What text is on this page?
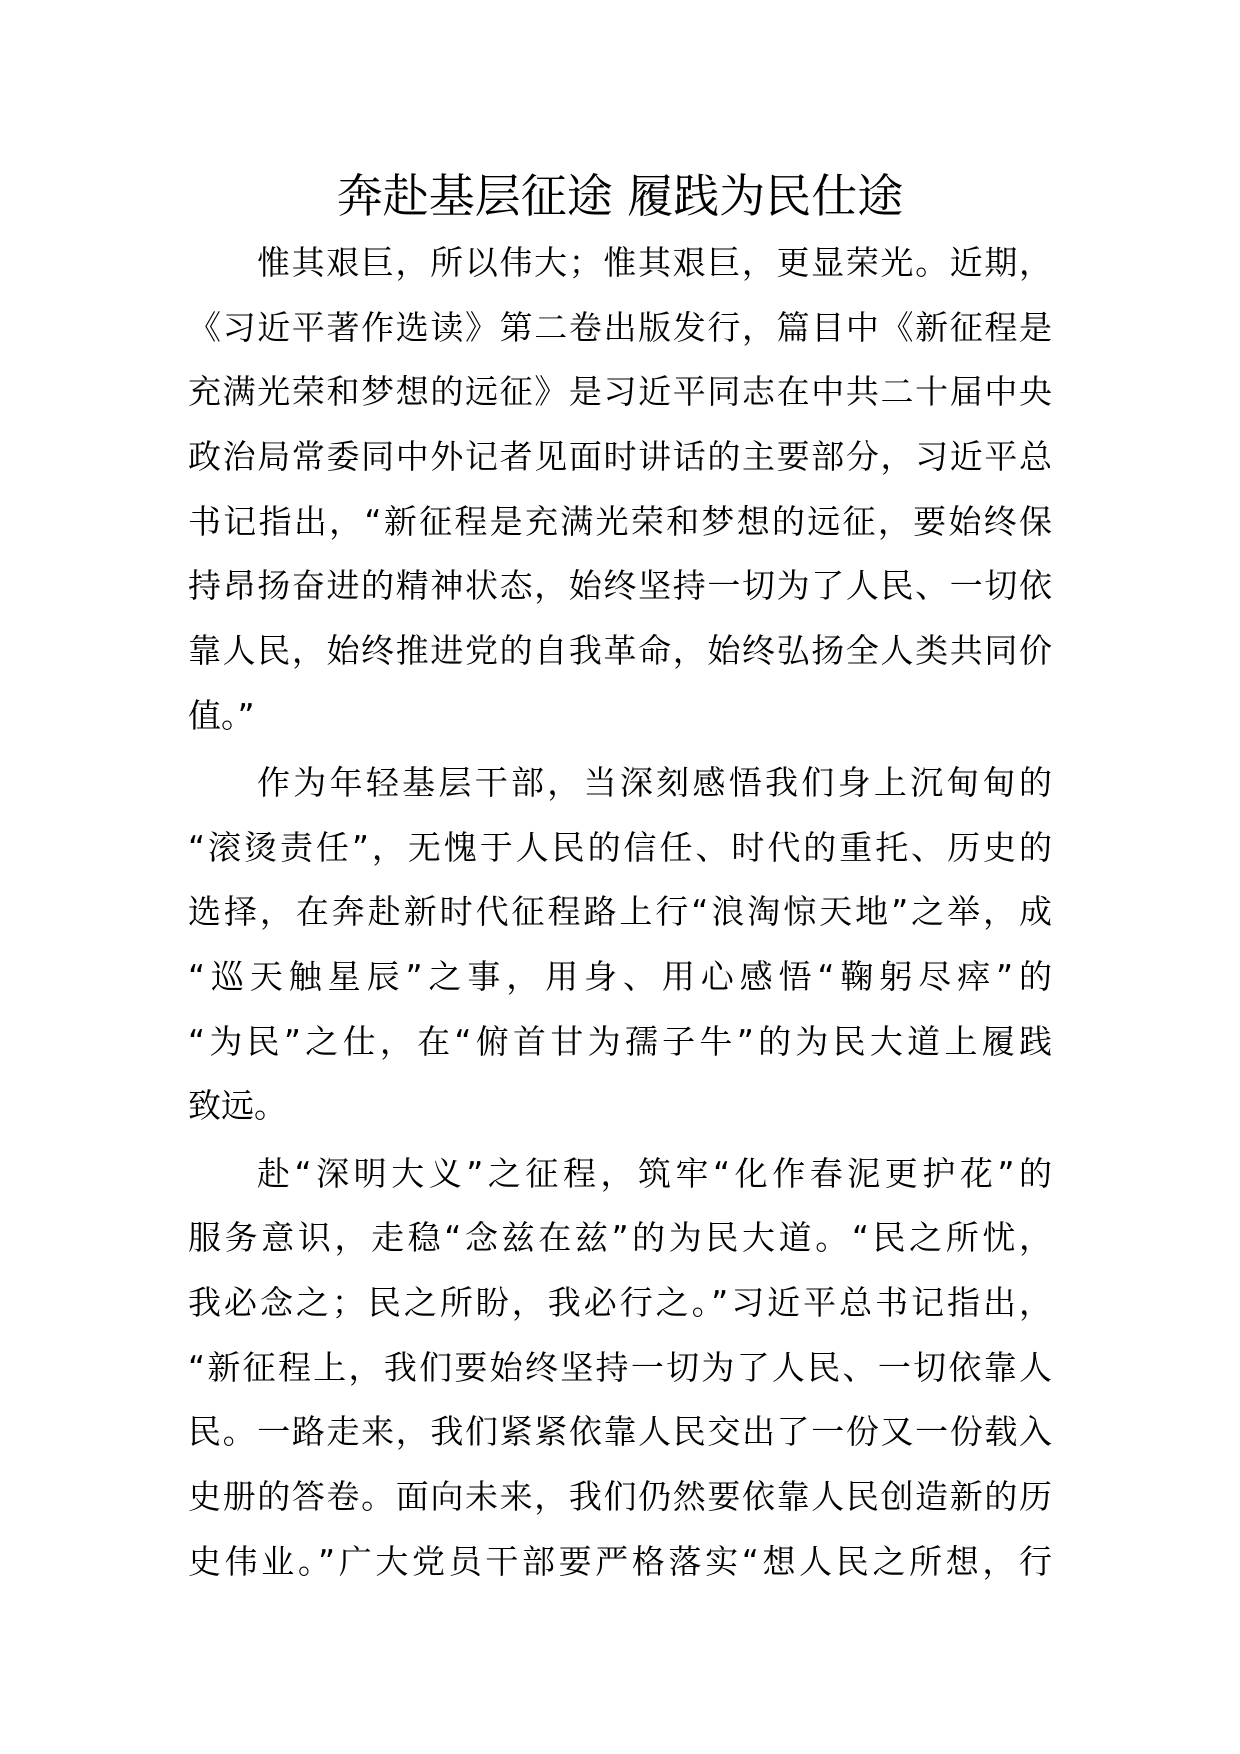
奔赴基层征途 履践为民仕途
惟其艰巨，所以伟大；惟其艰巨，更显荣光。近期，
《习近平著作选读》第二卷出版发行，篇目中《新征程是
充满光荣和梦想的远征》是习近平同志在中共二十届中央
政治局常委同中外记者见面时讲话的主要部分，习近平总
书记指出，“新征程是充满光荣和梦想的远征，要始终保
持昂扬奋进的精神状态，始终坚持一切为了人民、一切依
靠人民，始终推进党的自我革命，始终弘扬全人类共同价
值。”
作为年轻基层干部，当深刻感悟我们身上沉甸甸的
“滚烫责任”，无愧于人民的信任、时代的重托、历史的
选择，在奔赴新时代征程路上行“浪淘惊天地”之举，成
“巡天触星辰”之事，用身、用心感悟“鞠躬尽瘁”的
“为民”之仕，在“俯首甘为孺子牛”的为民大道上履践
致远。
赴“深明大义”之征程，筑牢“化作春泥更护花”的
服务意识，走稳“念兹在兹”的为民大道。“民之所忧，
我必念之；民之所盼，我必行之。”习近平总书记指出，
“新征程上，我们要始终坚持一切为了人民、一切依靠人
民。一路走来，我们紧紧依靠人民交出了一份又一份载入
史册的答卷。面向未来，我们仍然要依靠人民创造新的历
史伟业。”广大党员干部要严格落实“想人民之所想，行
